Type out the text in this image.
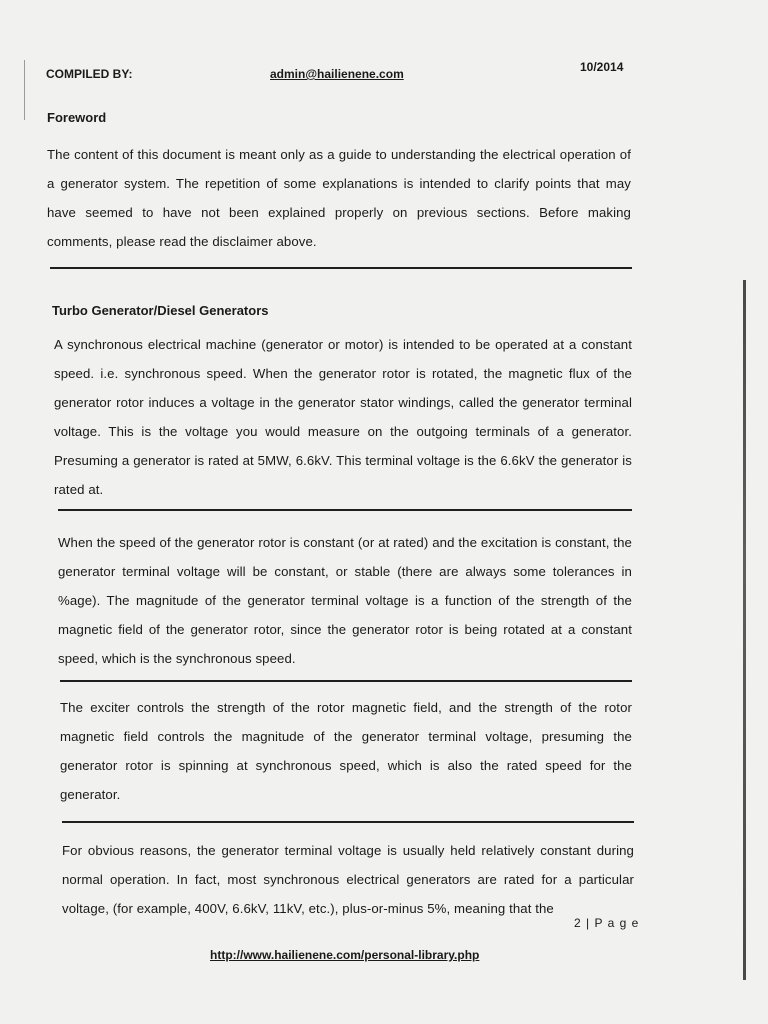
COMPILED BY:	admin@hailienene.com	10/2014
Foreword
The content of this document is meant only as a guide to understanding the electrical operation of a generator system. The repetition of some explanations is intended to clarify points that may have seemed to have not been explained properly on previous sections. Before making comments, please read the disclaimer above.
Turbo Generator/Diesel Generators
A synchronous electrical machine (generator or motor) is intended to be operated at a constant speed. i.e. synchronous speed. When the generator rotor is rotated, the magnetic flux of the generator rotor induces a voltage in the generator stator windings, called the generator terminal voltage. This is the voltage you would measure on the outgoing terminals of a generator. Presuming a generator is rated at 5MW, 6.6kV. This terminal voltage is the 6.6kV the generator is rated at.
When the speed of the generator rotor is constant (or at rated) and the excitation is constant, the generator terminal voltage will be constant, or stable (there are always some tolerances in %age). The magnitude of the generator terminal voltage is a function of the strength of the magnetic field of the generator rotor, since the generator rotor is being rotated at a constant speed, which is the synchronous speed.
The exciter controls the strength of the rotor magnetic field, and the strength of the rotor magnetic field controls the magnitude of the generator terminal voltage, presuming the generator rotor is spinning at synchronous speed, which is also the rated speed for the generator.
For obvious reasons, the generator terminal voltage is usually held relatively constant during normal operation. In fact, most synchronous electrical generators are rated for a particular voltage, (for example, 400V, 6.6kV, 11kV, etc.), plus-or-minus 5%, meaning that the
2 | P a g e
http://www.hailienene.com/personal-library.php
